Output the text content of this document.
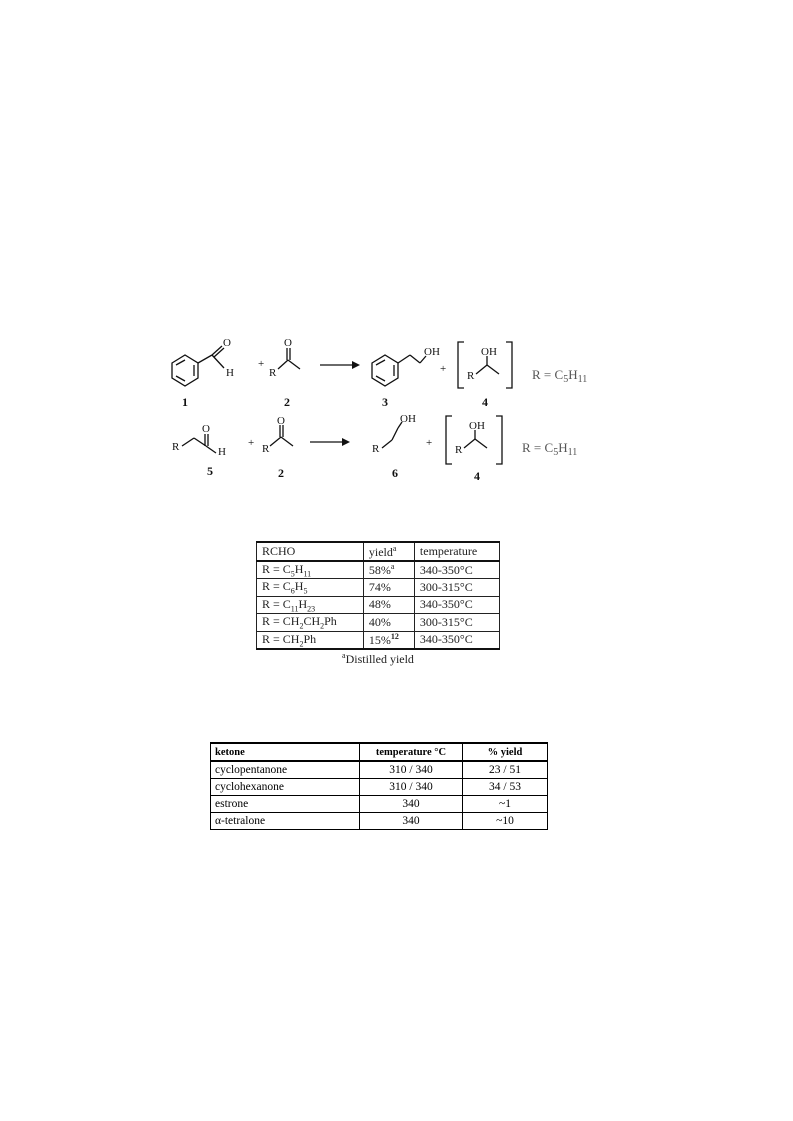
O
H
+
R
O
OH
+
OH
R	$R = C_5H_{11}$
1	2	3	4
R
O
H
+ R
O
R
OH
+
OH
R	$R = C_5H_{11}$
5	2	6	4
RCHO	yield$^a$	temperature
$R = C_5H_{11}$	58%$^a$	340-350°C
$R = C_6H_5$	74%	300-315°C
$R = C_{11}H_{23}$	48%	340-350°C
$R = CH_2CH_2Ph$	40%	300-315°C
$R = CH_2Ph$	15%$^{12}$	340-350°C
$^a$Distilled yield
ketone	temperature °C	% yield
cyclopentanone	310 / 340	23 / 51
cyclohexanone	310 / 340	34 / 53
estrone	340	~1
α-tetralone	340	~10
